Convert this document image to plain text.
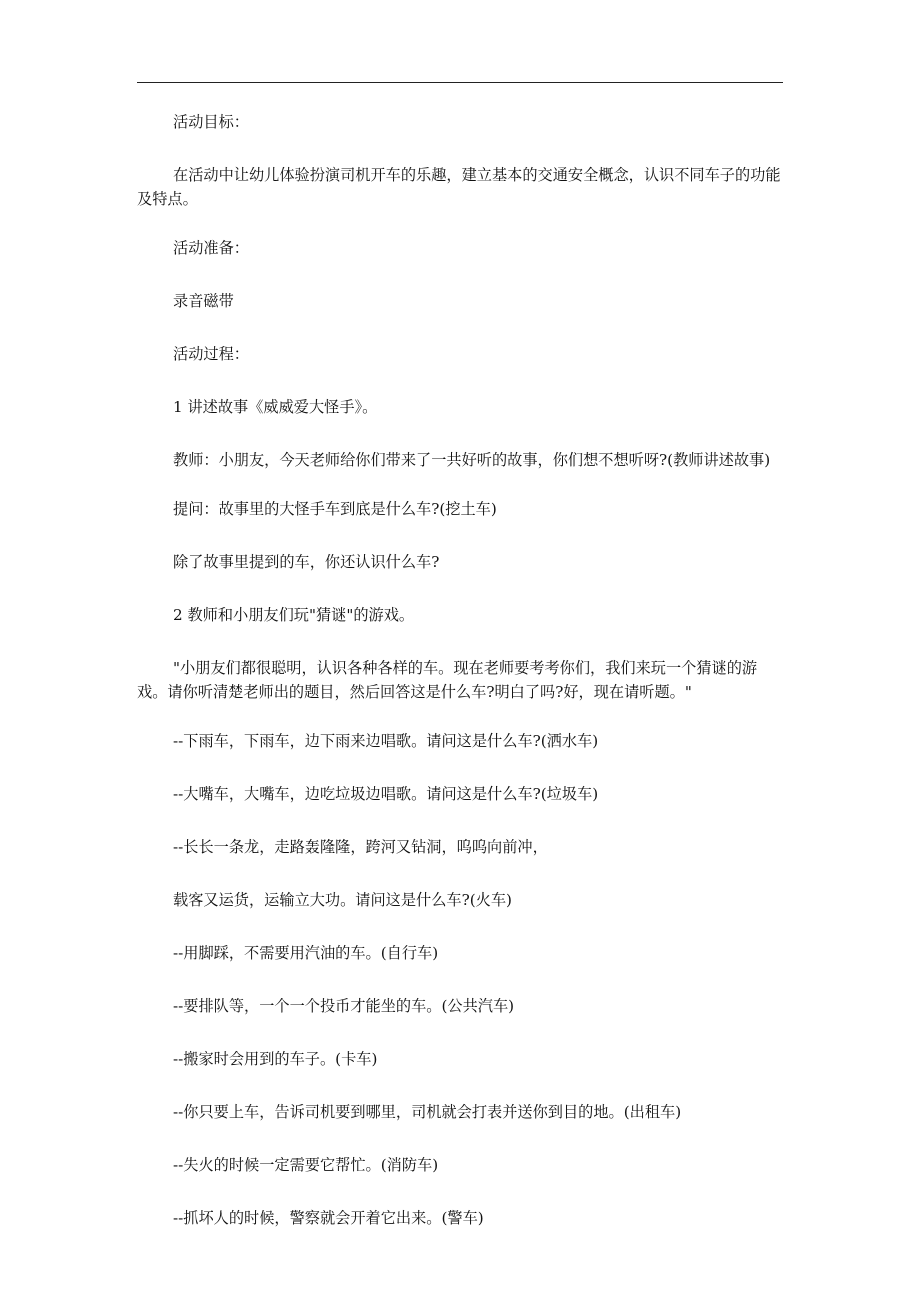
活动目标：

在活动中让幼儿体验扮演司机开车的乐趣，建立基本的交通安全概念，认识不同车子的功能及特点。

活动准备：

录音磁带

活动过程：

1 讲述故事《威威爱大怪手》。

教师：小朋友，今天老师给你们带来了一共好听的故事，你们想不想听呀?(教师讲述故事)

提问：故事里的大怪手车到底是什么车?(挖土车)

除了故事里提到的车，你还认识什么车?

2 教师和小朋友们玩"猜谜"的游戏。

"小朋友们都很聪明，认识各种各样的车。现在老师要考考你们，我们来玩一个猜谜的游戏。请你听清楚老师出的题目，然后回答这是什么车?明白了吗?好，现在请听题。"

--下雨车，下雨车，边下雨来边唱歌。请问这是什么车?(洒水车)

--大嘴车，大嘴车，边吃垃圾边唱歌。请问这是什么车?(垃圾车)

--长长一条龙，走路轰隆隆，跨河又钻洞，呜呜向前冲，

载客又运货，运输立大功。请问这是什么车?(火车)

--用脚踩，不需要用汽油的车。(自行车)

--要排队等，一个一个投币才能坐的车。(公共汽车)

--搬家时会用到的车子。(卡车)

--你只要上车，告诉司机要到哪里，司机就会打表并送你到目的地。(出租车)

--失火的时候一定需要它帮忙。(消防车)

--抓坏人的时候，警察就会开着它出来。(警车)
